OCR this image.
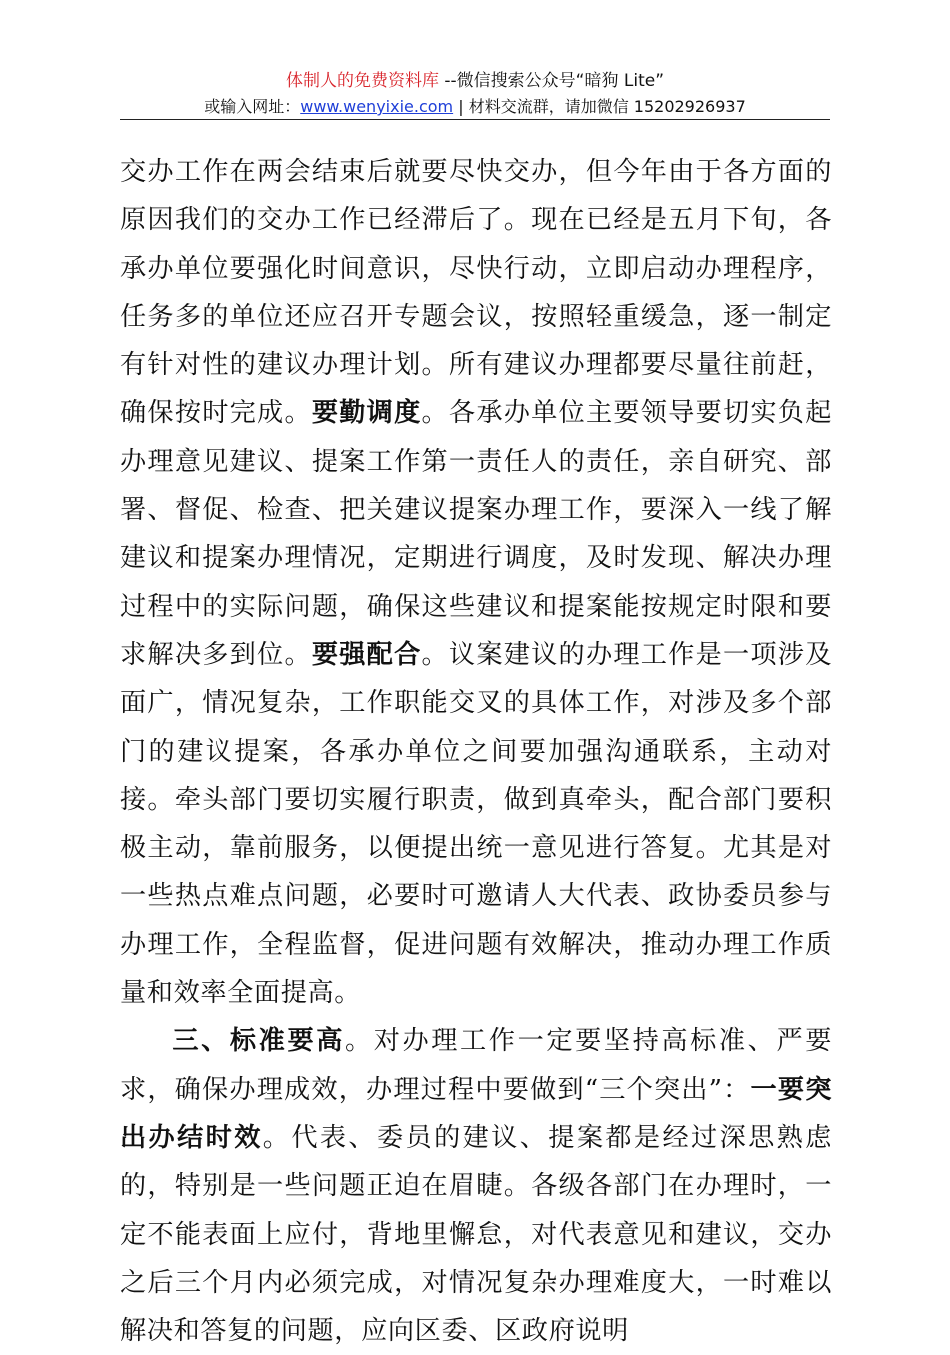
体制人的免费资料库 --微信搜索公众号“暗狗 Lite”
或输入网址：www.wenyixie.com | 材料交流群，请加微信 15202926937

交办工作在两会结束后就要尽快交办，但今年由于各方面的原因我们的交办工作已经滞后了。现在已经是五月下旬，各承办单位要强化时间意识，尽快行动，立即启动办理程序，任务多的单位还应召开专题会议，按照轻重缓急，逐一制定有针对性的建议办理计划。所有建议办理都要尽量往前赶，确保按时完成。要勤调度。各承办单位主要领导要切实负起办理意见建议、提案工作第一责任人的责任，亲自研究、部署、督促、检查、把关建议提案办理工作，要深入一线了解建议和提案办理情况，定期进行调度，及时发现、解决办理过程中的实际问题，确保这些建议和提案能按规定时限和要求解决多到位。要强配合。议案建议的办理工作是一项涉及面广，情况复杂，工作职能交叉的具体工作，对涉及多个部门的建议提案，各承办单位之间要加强沟通联系，主动对接。牵头部门要切实履行职责，做到真牵头，配合部门要积极主动，靠前服务，以便提出统一意见进行答复。尤其是对一些热点难点问题，必要时可邀请人大代表、政协委员参与办理工作，全程监督，促进问题有效解决，推动办理工作质量和效率全面提高。

三、标准要高。对办理工作一定要坚持高标准、严要求，确保办理成效，办理过程中要做到“三个突出”：一要突出办结时效。代表、委员的建议、提案都是经过深思熟虑的，特别是一些问题正迫在眉睫。各级各部门在办理时，一定不能表面上应付，背地里懈怠，对代表意见和建议，交办之后三个月内必须完成，对情况复杂办理难度大，一时难以解决和答复的问题，应向区委、区政府说明
